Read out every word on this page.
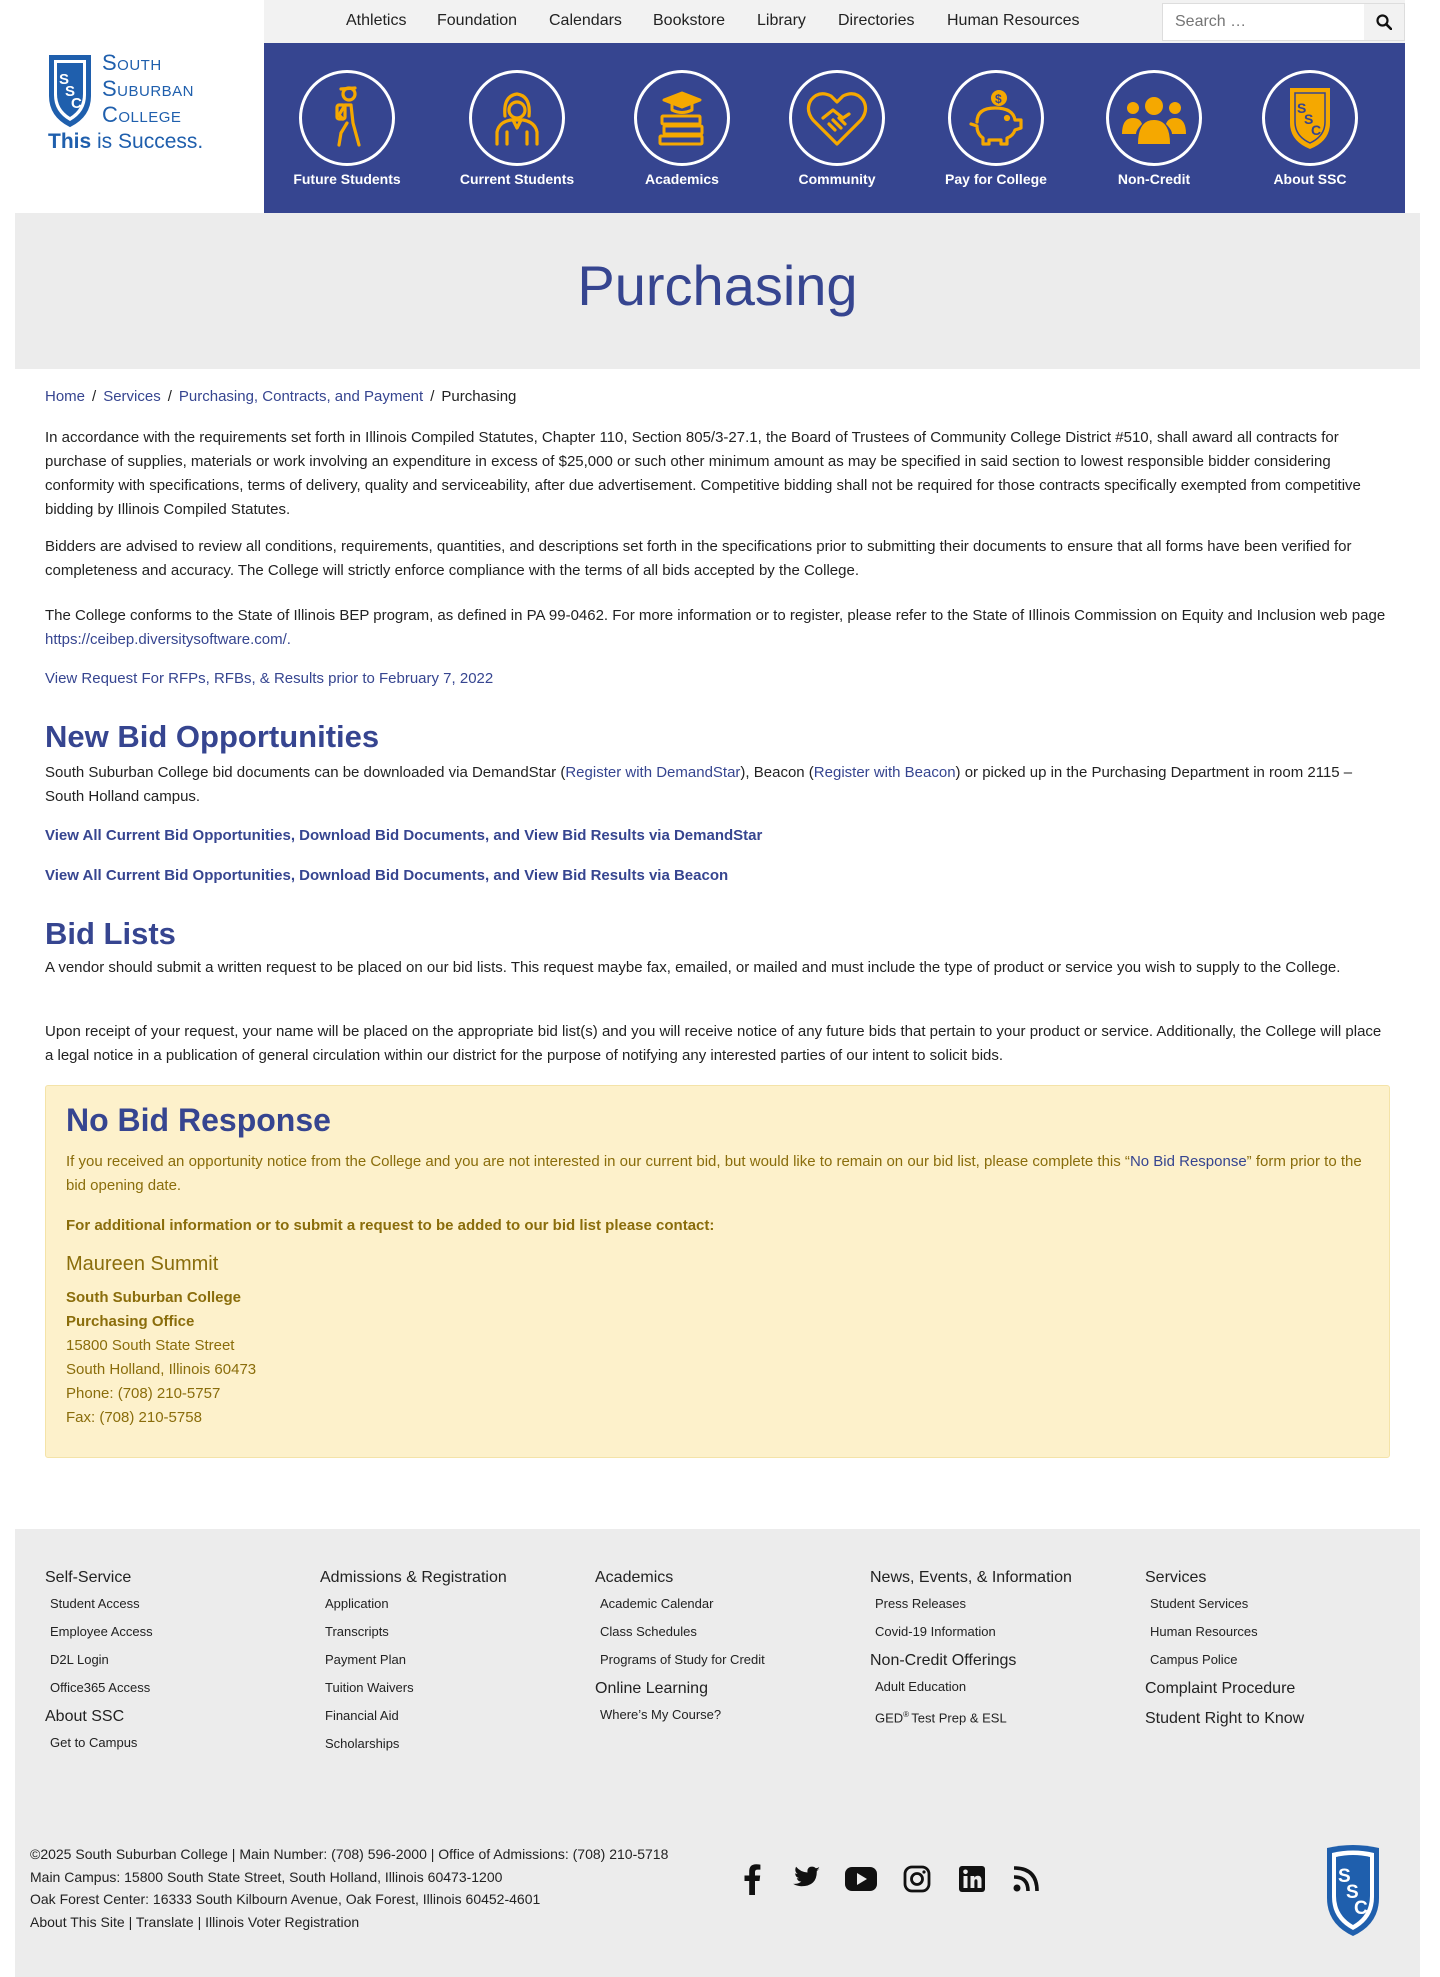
S
S
C
South
Suburban
College
This is Success.
Athletics Foundation Calendars Bookstore Library Directories Human Resources
Search …
Future Students	Current Students	Academics	Community
$
Pay for College	Non-Credit
S
S
C
About SSC
Purchasing
Home / Services / Purchasing, Contracts, and Payment / Purchasing

In accordance with the requirements set forth in Illinois Compiled Statutes, Chapter 110, Section 805/3-27.1, the Board of Trustees of Community College District #510, shall award all contracts for purchase of supplies, materials or work involving an expenditure in excess of $25,000 or such other minimum amount as may be specified in said section to lowest responsible bidder considering conformity with specifications, terms of delivery, quality and serviceability, after due advertisement. Competitive bidding shall not be required for those contracts specifically exempted from competitive bidding by Illinois Compiled Statutes.

Bidders are advised to review all conditions, requirements, quantities, and descriptions set forth in the specifications prior to submitting their documents to ensure that all forms have been verified for completeness and accuracy. The College will strictly enforce compliance with the terms of all bids accepted by the College.

The College conforms to the State of Illinois BEP program, as defined in PA 99-0462. For more information or to register, please refer to the State of Illinois Commission on Equity and Inclusion web page https://ceibep.diversitysoftware.com/.

View Request For RFPs, RFBs, & Results prior to February 7, 2022

New Bid Opportunities

South Suburban College bid documents can be downloaded via DemandStar (Register with DemandStar), Beacon (Register with Beacon) or picked up in the Purchasing Department in room 2115 – South Holland campus.

View All Current Bid Opportunities, Download Bid Documents, and View Bid Results via DemandStar

View All Current Bid Opportunities, Download Bid Documents, and View Bid Results via Beacon

Bid Lists

A vendor should submit a written request to be placed on our bid lists. This request maybe fax, emailed, or mailed and must include the type of product or service you wish to supply to the College.

Upon receipt of your request, your name will be placed on the appropriate bid list(s) and you will receive notice of any future bids that pertain to your product or service. Additionally, the College will place a legal notice in a publication of general circulation within our district for the purpose of notifying any interested parties of our intent to solicit bids.

No Bid Response

If you received an opportunity notice from the College and you are not interested in our current bid, but would like to remain on our bid list, please complete this “No Bid Response” form prior to the bid opening date.

For additional information or to submit a request to be added to our bid list please contact:

Maureen Summit

South Suburban College

Purchasing Office

15800 South State Street

South Holland, Illinois 60473

Phone: (708) 210-5757

Fax: (708) 210-5758

Self-Service
Student Access
Employee Access
D2L Login
Office365 Access
About SSC
Get to Campus
Admissions & Registration
Application
Transcripts
Payment Plan
Tuition Waivers
Financial Aid
Scholarships
Academics
Academic Calendar
Class Schedules
Programs of Study for Credit
Online Learning
Where’s My Course?
News, Events, & Information
Press Releases
Covid-19 Information
Non-Credit Offerings
Adult Education
GED® Test Prep & ESL
Services
Student Services
Human Resources
Campus Police
Complaint Procedure
Student Right to Know
©2025 South Suburban College | Main Number: (708) 596-2000 | Office of Admissions: (708) 210-5718
Main Campus: 15800 South State Street, South Holland, Illinois 60473-1200
Oak Forest Center: 16333 South Kilbourn Avenue, Oak Forest, Illinois 60452-4601
About This Site | Translate | Illinois Voter Registration
S
S
C
